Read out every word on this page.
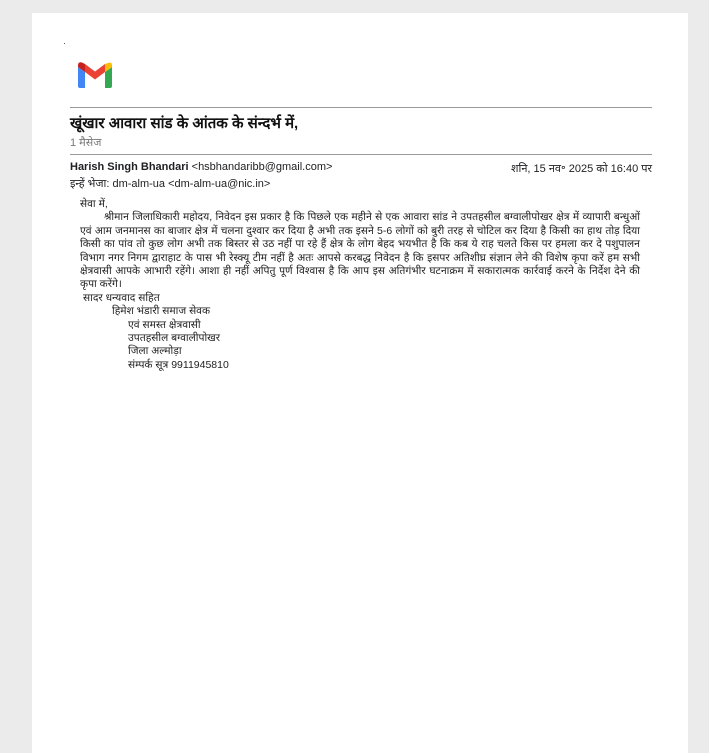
खूंखार आवारा सांड के आंतक के संन्दर्भ में,
1 मैसेज
Harish Singh Bhandari <hsbhandaribb@gmail.com>	शनि, 15 नव॰ 2025 को 16:40 पर
इन्हें भेजा: dm-alm-ua <dm-alm-ua@nic.in>

सेवा में,

श्रीमान जिलाधिकारी महोदय, निवेदन इस प्रकार है कि पिछले एक महीने से एक आवारा सांड ने उपतहसील बग्वालीपोखर क्षेत्र में व्यापारी बन्धुओं एवं आम जनमानस का बाजार क्षेत्र में चलना दुश्वार कर दिया है अभी तक इसने 5-6 लोगों को बुरी तरह से चोटिल कर दिया है किसी का हाथ तोड़ दिया किसी का पांव तो कुछ लोग अभी तक बिस्तर से उठ नहीं पा रहे हैं क्षेत्र के लोग बेहद भयभीत है कि कब ये राह चलते किस पर हमला कर दे पशुपालन विभाग नगर निगम द्वाराहाट के पास भी रेस्क्यू टीम नहीं है अतः आपसे करबद्ध निवेदन है कि इसपर अतिशीघ्र संज्ञान लेने की विशेष कृपा करें हम सभी क्षेत्रवासी आपके आभारी रहेंगे। आशा ही नहीं अपितु पूर्ण विश्वास है कि आप इस अतिगंभीर घटनाक्रम में सकारात्मक कार्रवाई करने के निर्देश देने की कृपा करेंगे।

सादर धन्यवाद सहित

हिमेश भंडारी समाज सेवक

एवं समस्त क्षेत्रवासी

उपतहसील बग्वालीपोखर

जिला अल्मोड़ा

संम्पर्क सूत्र 9911945810
